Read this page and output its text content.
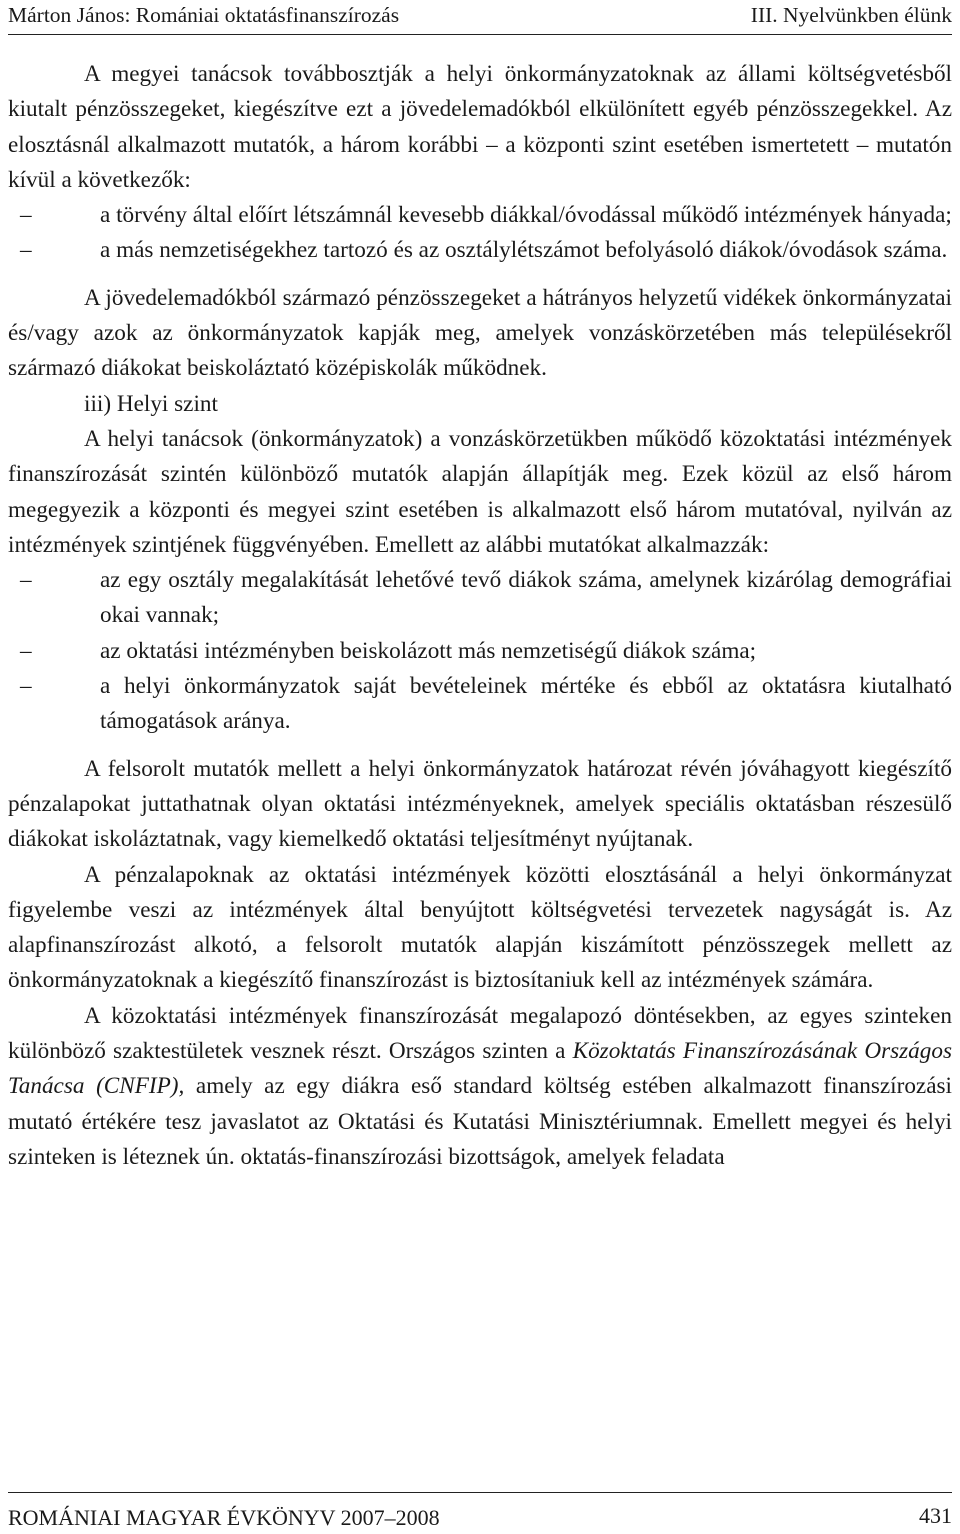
Márton János: Romániai oktatásfinanszírozás	III. Nyelvünkben élünk

A megyei tanácsok továbbosztják a helyi önkormányzatoknak az állami költségvetésből kiutalt pénzösszegeket, kiegészítve ezt a jövedelemadókból elkülönített egyéb pénzösszegekkel. Az elosztásnál alkalmazott mutatók, a három korábbi – a központi szint esetében ismertetett – mutatón kívül a következők:

–	a törvény által előírt létszámnál kevesebb diákkal/óvodással működő intézmények hányada;
–	a más nemzetiségekhez tartozó és az osztálylétszámot befolyásoló diákok/óvodások száma.

A jövedelemadókból származó pénzösszegeket a hátrányos helyzetű vidékek önkormányzatai és/vagy azok az önkormányzatok kapják meg, amelyek vonzáskörzetében más településekről származó diákokat beiskoláztató középiskolák működnek.

iii) Helyi szint

A helyi tanácsok (önkormányzatok) a vonzáskörzetükben működő közoktatási intézmények finanszírozását szintén különböző mutatók alapján állapítják meg. Ezek közül az első három megegyezik a központi és megyei szint esetében is alkalmazott első három mutatóval, nyilván az intézmények szintjének függvényében. Emellett az alábbi mutatókat alkalmazzák:

–	az egy osztály megalakítását lehetővé tevő diákok száma, amelynek kizárólag demográfiai okai vannak;
–	az oktatási intézményben beiskolázott más nemzetiségű diákok száma;
–	a helyi önkormányzatok saját bevételeinek mértéke és ebből az oktatásra kiutalható támogatások aránya.

A felsorolt mutatók mellett a helyi önkormányzatok határozat révén jóváhagyott kiegészítő pénzalapokat juttathatnak olyan oktatási intézményeknek, amelyek speciális oktatásban részesülő diákokat iskoláztatnak, vagy kiemelkedő oktatási teljesítményt nyújtanak.

A pénzalapoknak az oktatási intézmények közötti elosztásánál a helyi önkormányzat figyelembe veszi az intézmények által benyújtott költségvetési tervezetek nagyságát is. Az alapfinanszírozást alkotó, a felsorolt mutatók alapján kiszámított pénzösszegek mellett az önkormányzatoknak a kiegészítő finanszírozást is biztosítaniuk kell az intézmények számára.

A közoktatási intézmények finanszírozását megalapozó döntésekben, az egyes szinteken különböző szaktestületek vesznek részt. Országos szinten a Közoktatás Finanszírozásának Országos Tanácsa (CNFIP), amely az egy diákra eső standard költség estében alkalmazott finanszírozási mutató értékére tesz javaslatot az Oktatási és Kutatási Minisztériumnak. Emellett megyei és helyi szinteken is léteznek ún. oktatás-finanszírozási bizottságok, amelyek feladata

ROMÁNIAI MAGYAR ÉVKÖNYV 2007–2008	431
